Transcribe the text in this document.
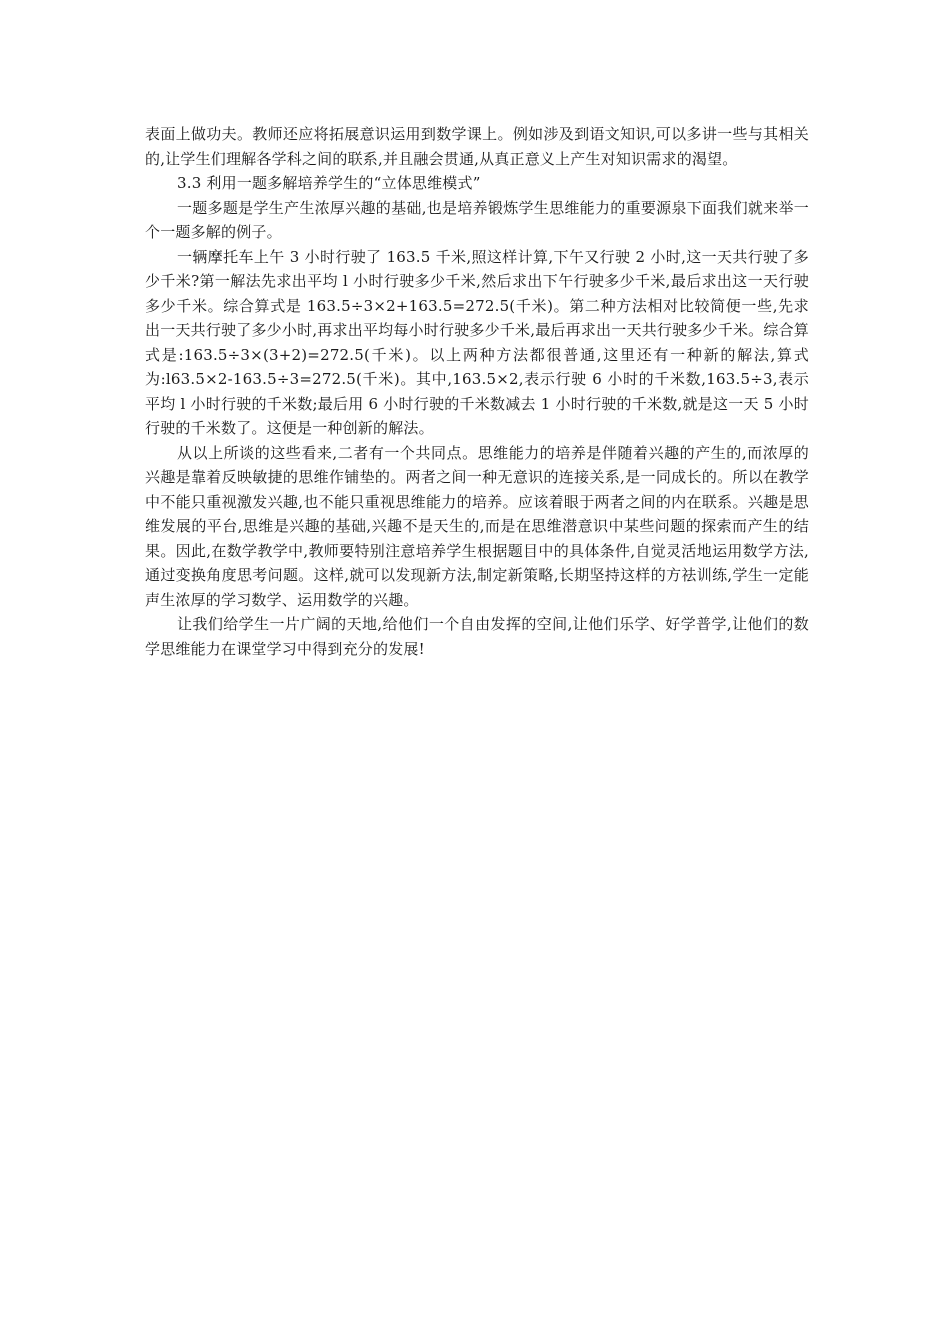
表面上做功夫。教师还应将拓展意识运用到数学课上。例如涉及到语文知识,可以多讲一些与其相关的,让学生们理解各学科之间的联系,并且融会贯通,从真正意义上产生对知识需求的渴望。

3.3 利用一题多解培养学生的“立体思维模式”

一题多题是学生产生浓厚兴趣的基础,也是培养锻炼学生思维能力的重要源泉下面我们就来举一个一题多解的例子。

一辆摩托车上午 3 小时行驶了 163.5 千米,照这样计算,下午又行驶 2 小时,这一天共行驶了多少千米?第一解法先求出平均 l 小时行驶多少千米,然后求出下午行驶多少千米,最后求出这一天行驶多少千米。综合算式是 163.5÷3×2+163.5=272.5(千米)。第二种方法相对比较简便一些,先求出一天共行驶了多少小时,再求出平均每小时行驶多少千米,最后再求出一天共行驶多少千米。综合算式是:163.5÷3×(3+2)=272.5(千米)。以上两种方法都很普通,这里还有一种新的解法,算式为:l63.5×2-163.5÷3=272.5(千米)。其中,163.5×2,表示行驶 6 小时的千米数,163.5÷3,表示平均 l 小时行驶的千米数;最后用 6 小时行驶的千米数减去 1 小时行驶的千米数,就是这一天 5 小时行驶的千米数了。这便是一种创新的解法。

从以上所谈的这些看来,二者有一个共同点。思维能力的培养是伴随着兴趣的产生的,而浓厚的兴趣是靠着反映敏捷的思维作铺垫的。两者之间一种无意识的连接关系,是一同成长的。所以在教学中不能只重视激发兴趣,也不能只重视思维能力的培养。应该着眼于两者之间的内在联系。兴趣是思维发展的平台,思维是兴趣的基础,兴趣不是天生的,而是在思维潜意识中某些问题的探索而产生的结果。因此,在数学教学中,教师要特别注意培养学生根据题目中的具体条件,自觉灵活地运用数学方法,通过变换角度思考问题。这样,就可以发现新方法,制定新策略,长期坚持这样的方祛训练,学生一定能声生浓厚的学习数学、运用数学的兴趣。

让我们给学生一片广阔的天地,给他们一个自由发挥的空间,让他们乐学、好学普学,让他们的数学思维能力在课堂学习中得到充分的发展!
